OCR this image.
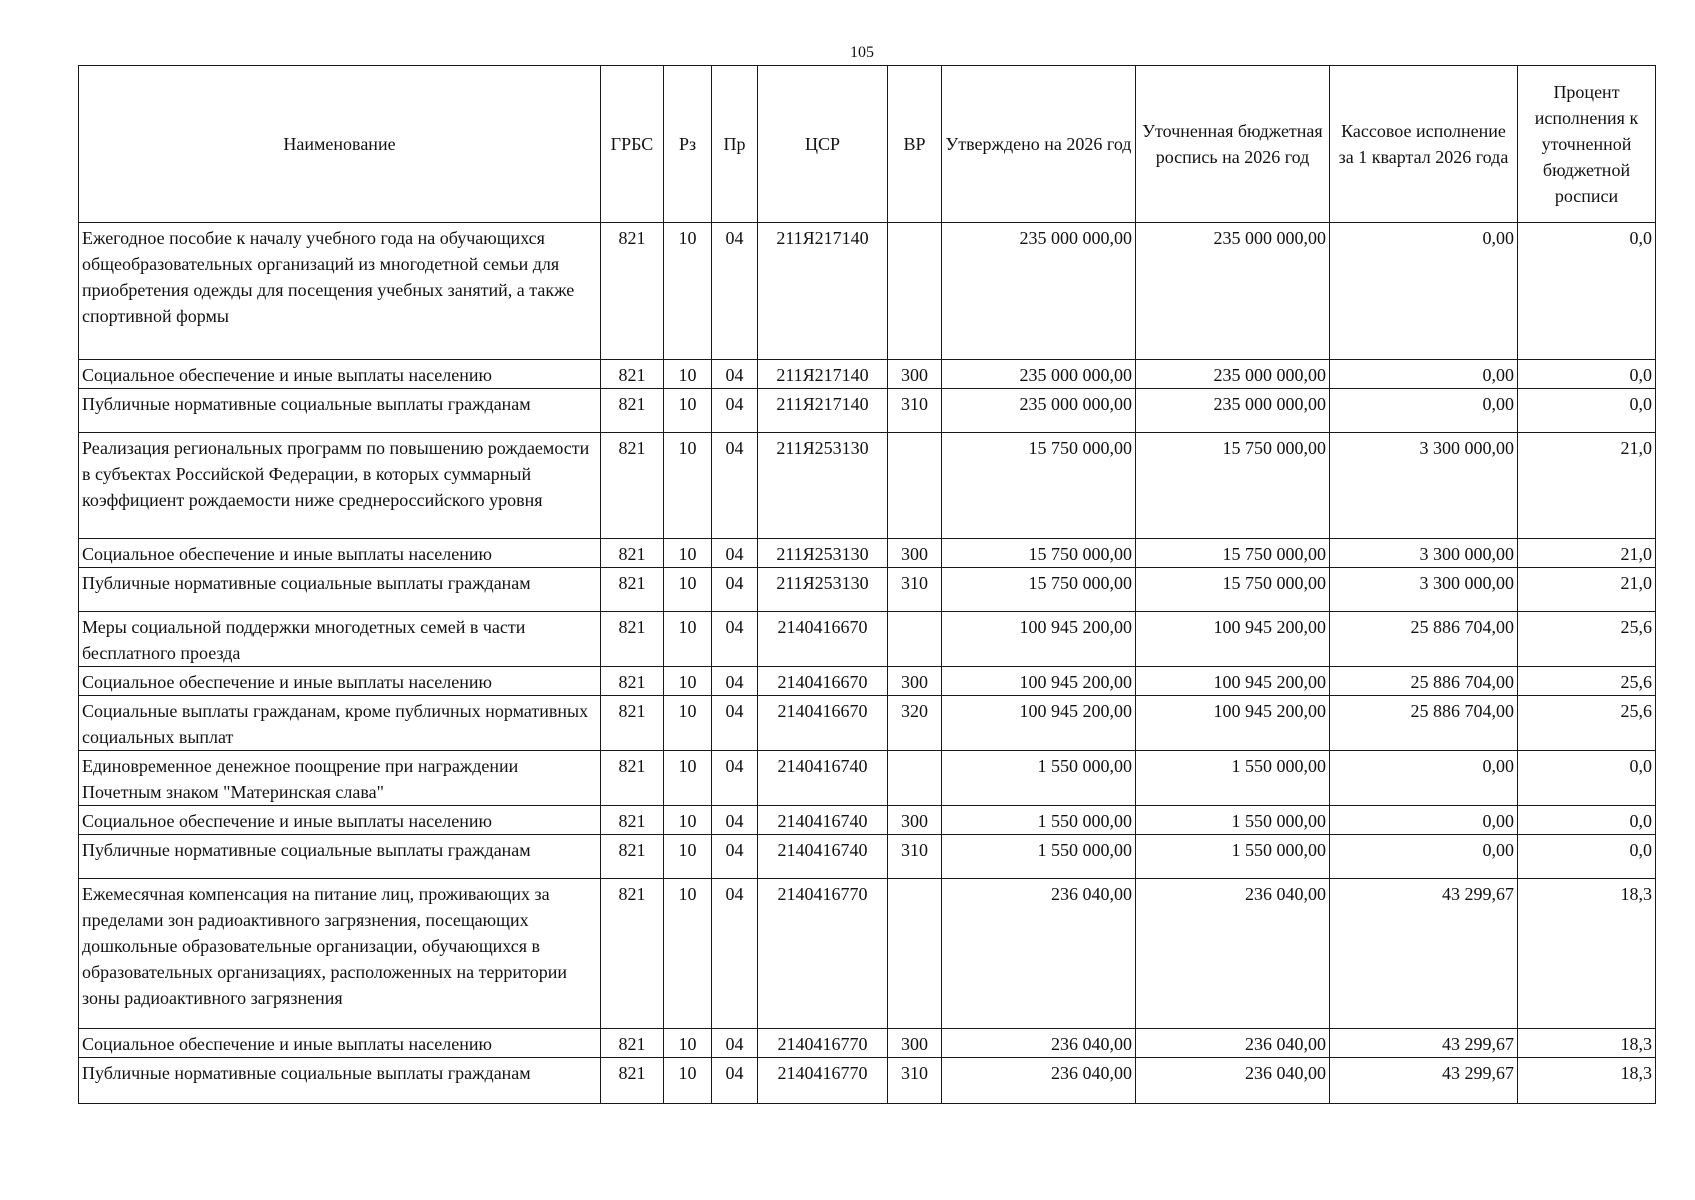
105
Наименование	ГРБС	Рз	Пр	ЦСР	ВР	Утверждено на 2026 год	Уточненная бюджетная роспись на 2026 год	Кассовое исполнение за 1 квартал 2026 года	Процент исполнения к уточненной бюджетной росписи
Ежегодное пособие к началу учебного года на обучающихся общеобразовательных организаций из многодетной семьи для приобретения одежды для посещения учебных занятий, а также спортивной формы	821	10	04	211Я217140		235 000 000,00	235 000 000,00	0,00	0,0
Социальное обеспечение и иные выплаты населению	821	10	04	211Я217140	300	235 000 000,00	235 000 000,00	0,00	0,0
Публичные нормативные социальные выплаты гражданам	821	10	04	211Я217140	310	235 000 000,00	235 000 000,00	0,00	0,0
Реализация региональных программ по повышению рождаемости в субъектах Российской Федерации, в которых суммарный коэффициент рождаемости ниже среднероссийского уровня	821	10	04	211Я253130		15 750 000,00	15 750 000,00	3 300 000,00	21,0
Социальное обеспечение и иные выплаты населению	821	10	04	211Я253130	300	15 750 000,00	15 750 000,00	3 300 000,00	21,0
Публичные нормативные социальные выплаты гражданам	821	10	04	211Я253130	310	15 750 000,00	15 750 000,00	3 300 000,00	21,0
Меры социальной поддержки многодетных семей в части бесплатного проезда	821	10	04	2140416670		100 945 200,00	100 945 200,00	25 886 704,00	25,6
Социальное обеспечение и иные выплаты населению	821	10	04	2140416670	300	100 945 200,00	100 945 200,00	25 886 704,00	25,6
Социальные выплаты гражданам, кроме публичных нормативных социальных выплат	821	10	04	2140416670	320	100 945 200,00	100 945 200,00	25 886 704,00	25,6
Единовременное денежное поощрение при награждении Почетным знаком "Материнская слава"	821	10	04	2140416740		1 550 000,00	1 550 000,00	0,00	0,0
Социальное обеспечение и иные выплаты населению	821	10	04	2140416740	300	1 550 000,00	1 550 000,00	0,00	0,0
Публичные нормативные социальные выплаты гражданам	821	10	04	2140416740	310	1 550 000,00	1 550 000,00	0,00	0,0
Ежемесячная компенсация на питание лиц, проживающих за пределами зон радиоактивного загрязнения, посещающих дошкольные образовательные организации, обучающихся в образовательных организациях, расположенных на территории зоны радиоактивного загрязнения	821	10	04	2140416770		236 040,00	236 040,00	43 299,67	18,3
Социальное обеспечение и иные выплаты населению	821	10	04	2140416770	300	236 040,00	236 040,00	43 299,67	18,3
Публичные нормативные социальные выплаты гражданам	821	10	04	2140416770	310	236 040,00	236 040,00	43 299,67	18,3
